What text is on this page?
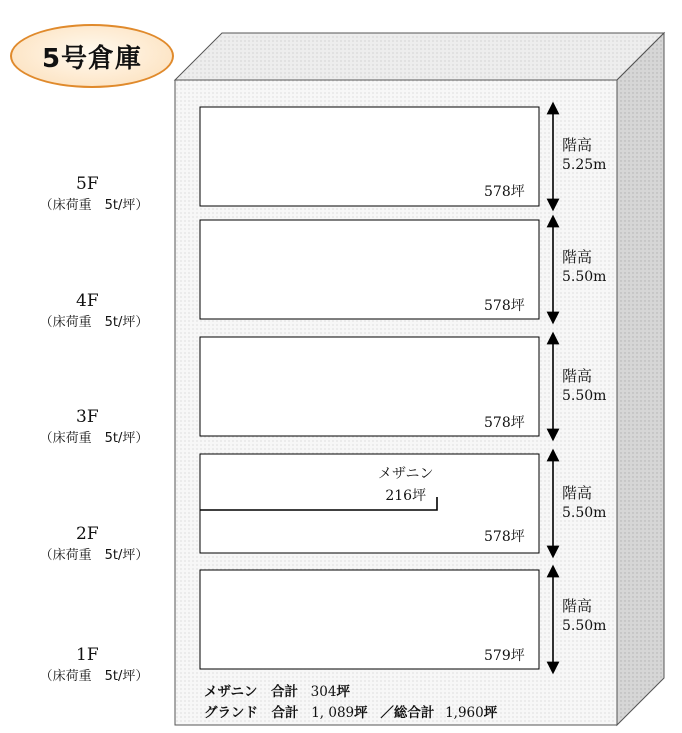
5号倉庫
5F
（床荷重　5t/坪）
4F
（床荷重　5t/坪）
3F
（床荷重　5t/坪）
2F
（床荷重　5t/坪）
1F
（床荷重　5t/坪）
578坪
578坪
578坪
578坪
579坪
メザニン
216坪
階高
5.25m
階高
5.50m
階高
5.50m
階高
5.50m
階高
5.50m
メザニン　合計 304坪
グランド　合計 1, 089坪 ／総合計 1,960坪
